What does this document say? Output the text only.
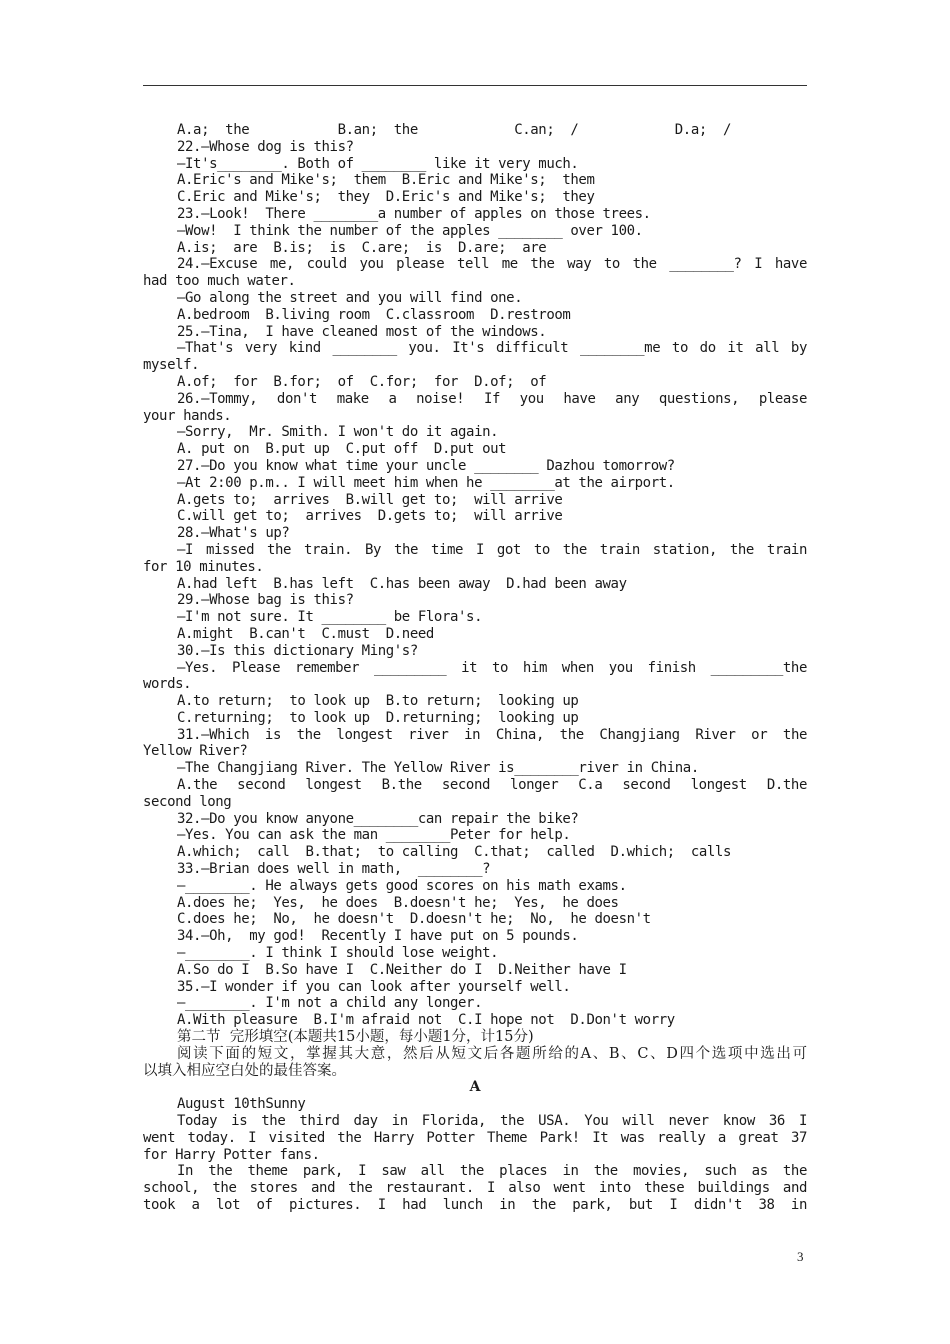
A.a;  the           B.an;  the            C.an;  /            D.a;  /
22.—Whose dog is this?
—It's________. Both of ________ like it very much.
A.Eric's and Mike's;  them  B.Eric and Mike's;  them
C.Eric and Mike's;  they  D.Eric's and Mike's;  they
23.—Look!  There ________a number of apples on those trees.
—Wow!  I think the number of the apples ________ over 100.
A.is;  are  B.is;  is  C.are;  is  D.are;  are
24.—Excuse me, could you please tell me the way to the ________? I have
had too much water.
—Go along the street and you will find one.
A.bedroom  B.living room  C.classroom  D.restroom
25.—Tina,  I have cleaned most of the windows.
—That's very kind ________ you. It's difficult ________me to do it all by
myself.
A.of;  for  B.for;  of  C.for;  for  D.of;  of
26.—Tommy, don't make a noise! If you have any questions, please
your hands.
—Sorry,  Mr. Smith. I won't do it again.
A. put on  B.put up  C.put off  D.put out
27.—Do you know what time your uncle ________ Dazhou tomorrow?
—At 2:00 p.m.. I will meet him when he ________at the airport.
A.gets to;  arrives  B.will get to;  will arrive
C.will get to;  arrives  D.gets to;  will arrive
28.—What's up?
—I missed the train. By the time I got to the train station, the train
for 10 minutes.
A.had left  B.has left  C.has been away  D.had been away
29.—Whose bag is this?
—I'm not sure. It ________ be Flora's.
A.might  B.can't  C.must  D.need
30.—Is this dictionary Ming's?
—Yes. Please remember _________ it to him when you finish _________the
words.
A.to return;  to look up  B.to return;  looking up
C.returning;  to look up  D.returning;  looking up
31.—Which is the longest river in China, the Changjiang River or the
Yellow River?
—The Changjiang River. The Yellow River is________river in China.
A.the second longest B.the second longer C.a second longest D.the
second long
32.—Do you know anyone________can repair the bike?
—Yes. You can ask the man ________Peter for help.
A.which;  call  B.that;  to calling  C.that;  called  D.which;  calls
33.—Brian does well in math,  ________?
—________. He always gets good scores on his math exams.
A.does he;  Yes,  he does  B.doesn't he;  Yes,  he does
C.does he;  No,  he doesn't  D.doesn't he;  No,  he doesn't
34.—Oh,  my god!  Recently I have put on 5 pounds.
—________. I think I should lose weight.
A.So do I  B.So have I  C.Neither do I  D.Neither have I
35.—I wonder if you can look after yourself well.
—________. I'm not a child any longer.
A.With pleasure  B.I'm afraid not  C.I hope not  D.Don't worry
第二节  完形填空(本题共15小题，每小题1分，计15分)
阅读下面的短文，掌握其大意，然后从短文后各题所给的A、B、C、D四个选项中选出可
以填入相应空白处的最佳答案。
A
August 10thSunny
Today is the third day in Florida, the USA. You will never know 36 I
went today. I visited the Harry Potter Theme Park! It was really a great 37
for Harry Potter fans.
In the theme park, I saw all the places in the movies, such as the
school, the stores and the restaurant. I also went into these buildings and
took a lot of pictures. I had lunch in the park, but I didn't 38 in
3
